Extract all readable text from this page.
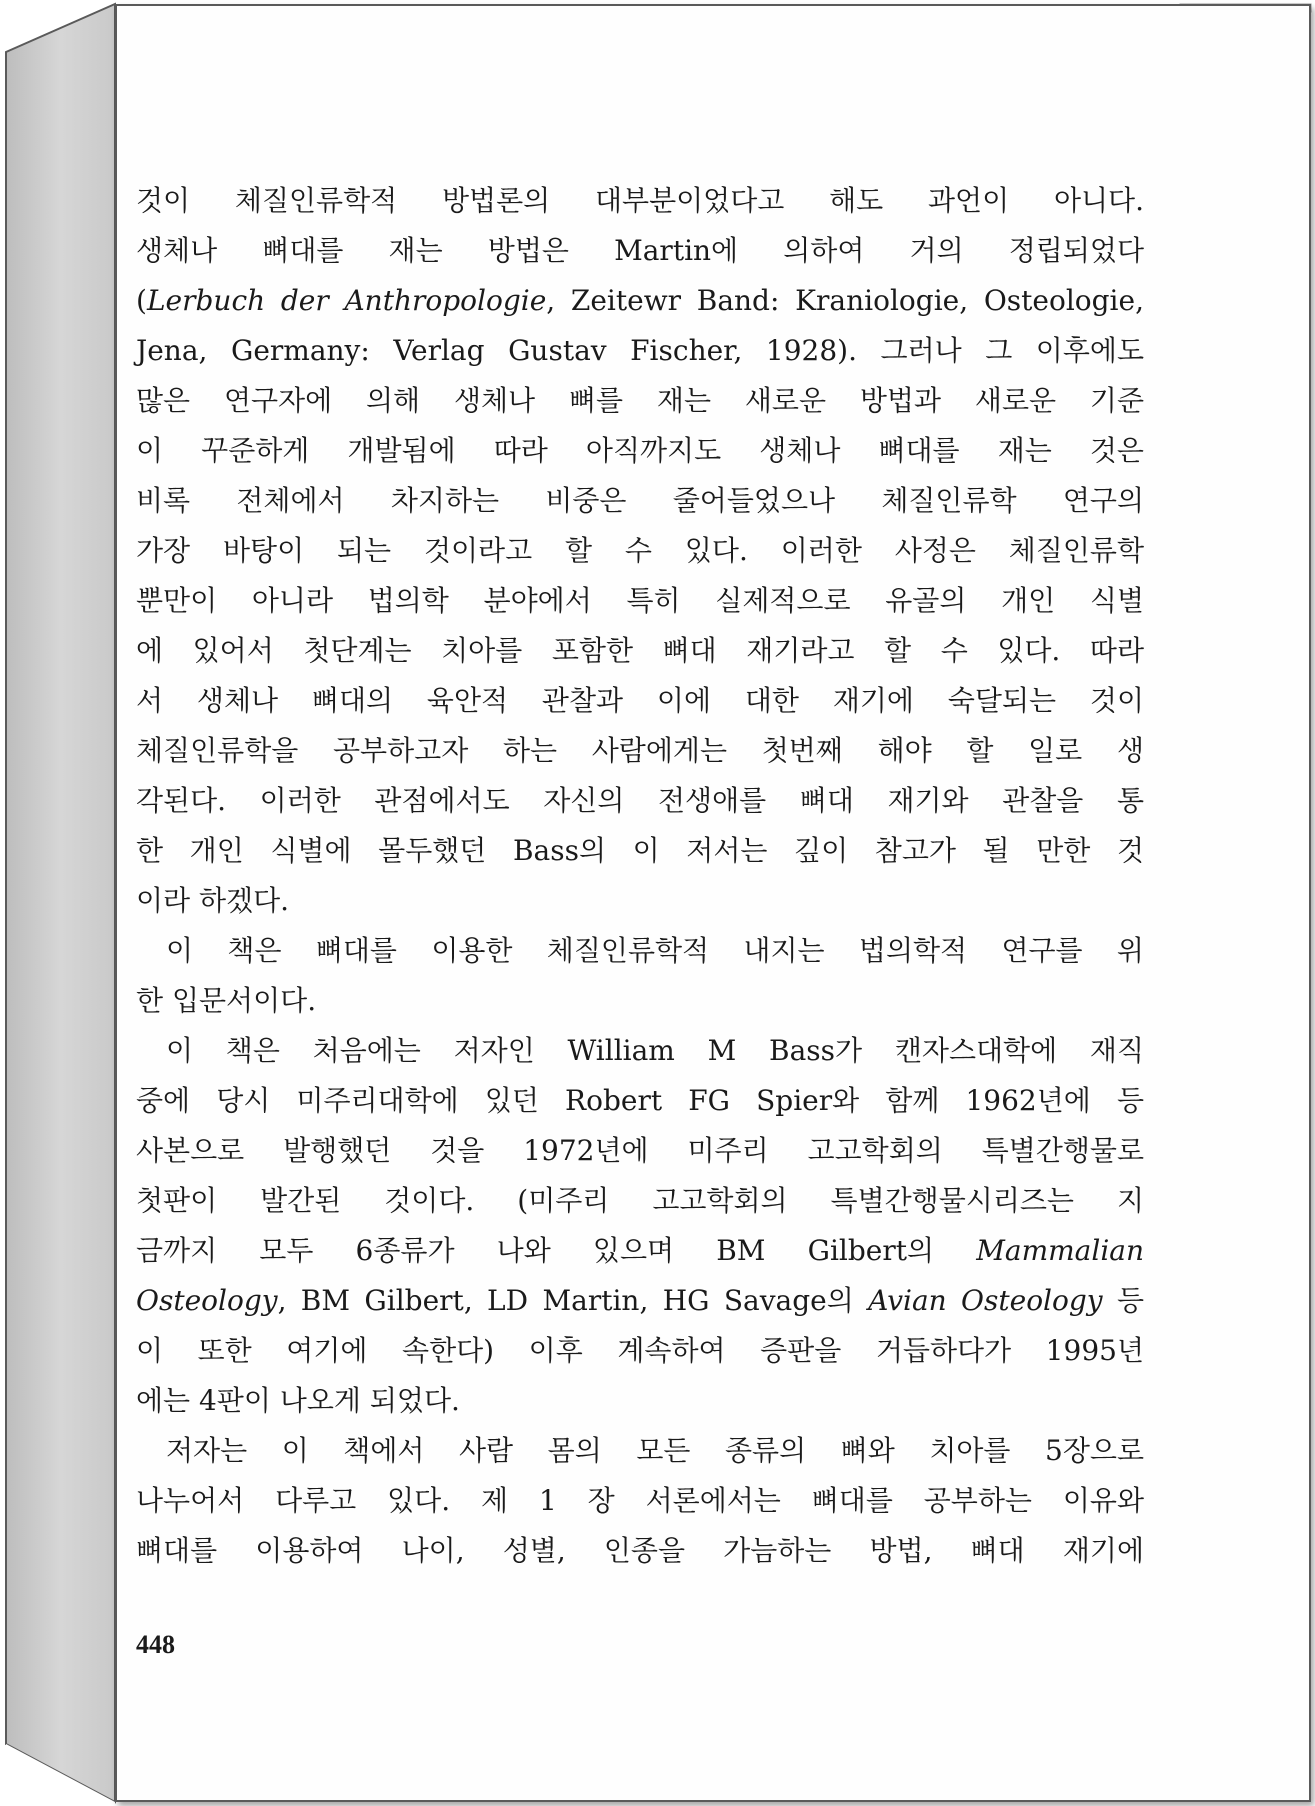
것이 체질인류학적 방법론의 대부분이었다고 해도 과언이 아니다.
생체나 뼈대를 재는 방법은 Martin에 의하여 거의 정립되었다
(Lerbuch der Anthropologie, Zeitewr Band: Kraniologie, Osteologie,
Jena, Germany: Verlag Gustav Fischer, 1928). 그러나 그 이후에도
많은 연구자에 의해 생체나 뼈를 재는 새로운 방법과 새로운 기준
이 꾸준하게 개발됨에 따라 아직까지도 생체나 뼈대를 재는 것은
비록 전체에서 차지하는 비중은 줄어들었으나 체질인류학 연구의
가장 바탕이 되는 것이라고 할 수 있다. 이러한 사정은 체질인류학
뿐만이 아니라 법의학 분야에서 특히 실제적으로 유골의 개인 식별
에 있어서 첫단계는 치아를 포함한 뼈대 재기라고 할 수 있다. 따라
서 생체나 뼈대의 육안적 관찰과 이에 대한 재기에 숙달되는 것이
체질인류학을 공부하고자 하는 사람에게는 첫번째 해야 할 일로 생
각된다. 이러한 관점에서도 자신의 전생애를 뼈대 재기와 관찰을 통
한 개인 식별에 몰두했던 Bass의 이 저서는 깊이 참고가 될 만한 것
이라 하겠다.
이 책은 뼈대를 이용한 체질인류학적 내지는 법의학적 연구를 위
한 입문서이다.
이 책은 처음에는 저자인 William M Bass가 캔자스대학에 재직
중에 당시 미주리대학에 있던 Robert FG Spier와 함께 1962년에 등
사본으로 발행했던 것을 1972년에 미주리 고고학회의 특별간행물로
첫판이 발간된 것이다. (미주리 고고학회의 특별간행물시리즈는 지
금까지 모두 6종류가 나와 있으며 BM Gilbert의 Mammalian
Osteology, BM Gilbert, LD Martin, HG Savage의 Avian Osteology 등
이 또한 여기에 속한다) 이후 계속하여 증판을 거듭하다가 1995년
에는 4판이 나오게 되었다.
저자는 이 책에서 사람 몸의 모든 종류의 뼈와 치아를 5장으로
나누어서 다루고 있다. 제 1 장 서론에서는 뼈대를 공부하는 이유와
뼈대를 이용하여 나이, 성별, 인종을 가늠하는 방법, 뼈대 재기에
448
